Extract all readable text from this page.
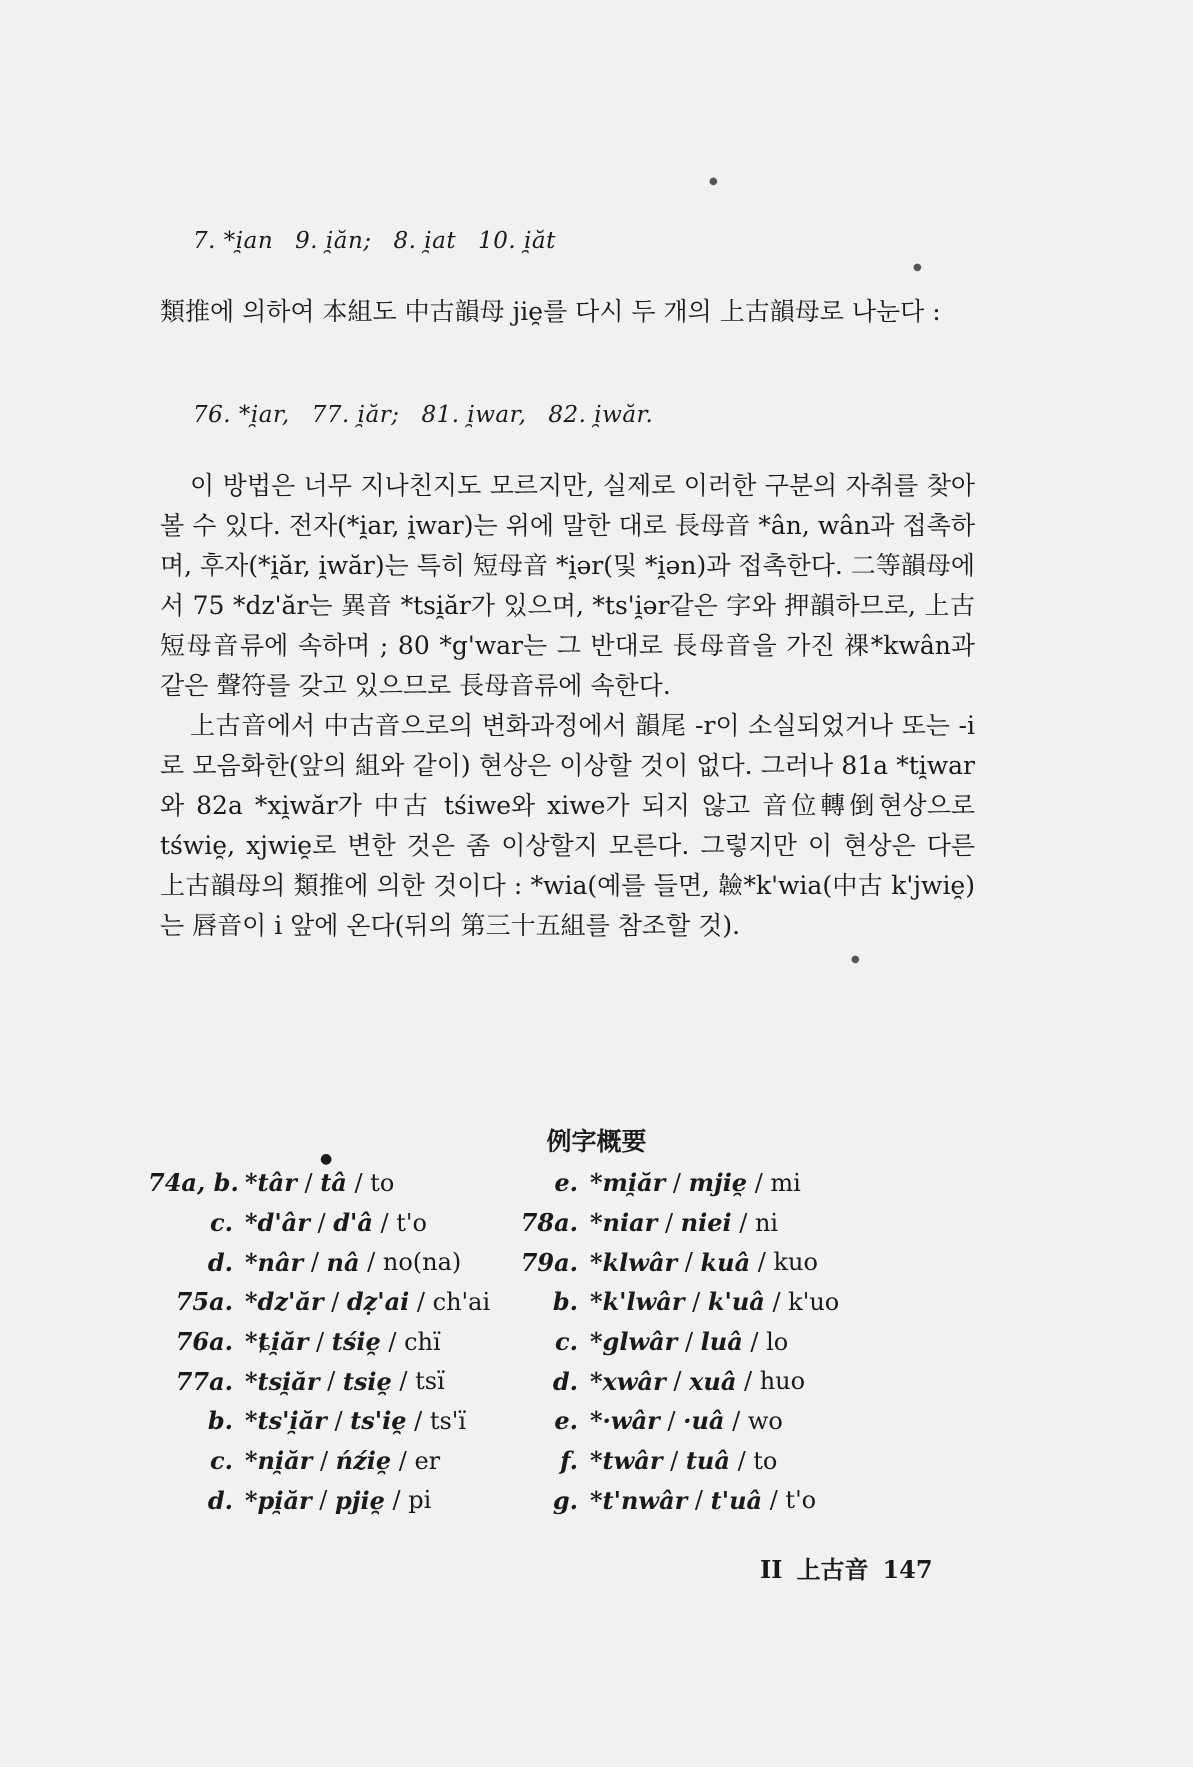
7. *i̯an 9. i̯ăn; 8. i̯at 10. i̯ăt

類推에 의하여 本組도 中古韻母 jie̯를 다시 두 개의 上古韻母로 나눈다 :

76. *i̯ar, 77. i̯ăr; 81. i̯war, 82. i̯wăr.

이 방법은 너무 지나친지도 모르지만, 실제로 이러한 구분의 자취를 찾아볼 수 있다. 전자(*i̯ar, i̯war)는 위에 말한 대로 長母音 *ân, wân과 접촉하며, 후자(*i̯ăr, i̯wăr)는 특히 短母音 *i̯ər(및 *i̯ən)과 접촉한다. 二等韻母에서 75 *dz'ăr는 異音 *tsi̯ăr가 있으며, *ts'i̯ər같은 字와 押韻하므로, 上古短母音류에 속하며 ; 80 *g'war는 그 반대로 長母音을 가진 祼*kwân과 같은 聲符를 갖고 있으므로 長母音류에 속한다.

上古音에서 中古音으로의 변화과정에서 韻尾 -r이 소실되었거나 또는 -i로 모음화한(앞의 組와 같이) 현상은 이상할 것이 없다. 그러나 81a *ti̯war와 82a *xi̯wăr가 中古 tśiwe와 xiwe가 되지 않고 音位轉倒현상으로 tświe̯, xjwie̯로 변한 것은 좀 이상할지 모른다. 그렇지만 이 현상은 다른 上古韻母의 類推에 의한 것이다 : *wia(예를 들면, 𩏩*k'wia(中古 k'jwie̯)는 唇音이 i 앞에 온다(뒤의 第三十五組를 참조할 것).

例字概要
●
●
●
●
74a, b. *târ / tâ / to
c. *d'âr / d'â / t'o
d. *nâr / nâ / no(na)
75a. *dz'ăr / dẓ'ai / ch'ai
76a. *ȶi̯ăr / tśie̯ / chï
77a. *tsi̯ăr / tsie̯ / tsï
b. *ts'i̯ăr / ts'ie̯ / ts'ï
c. *ni̯ăr / ńźie̯ / er
d. *pi̯ăr / pjie̯ / pi
e. *mi̯ăr / mjie̯ / mi
78a. *niar / niei / ni
79a. *klwâr / kuâ / kuo
b. *k'lwâr / k'uâ / k'uo
c. *glwâr / luâ / lo
d. *xwâr / xuâ / huo
e. *·wâr / ·uâ / wo
f. *twâr / tuâ / to
g. *t'nwâr / t'uâ / t'o
II 上古音 147
